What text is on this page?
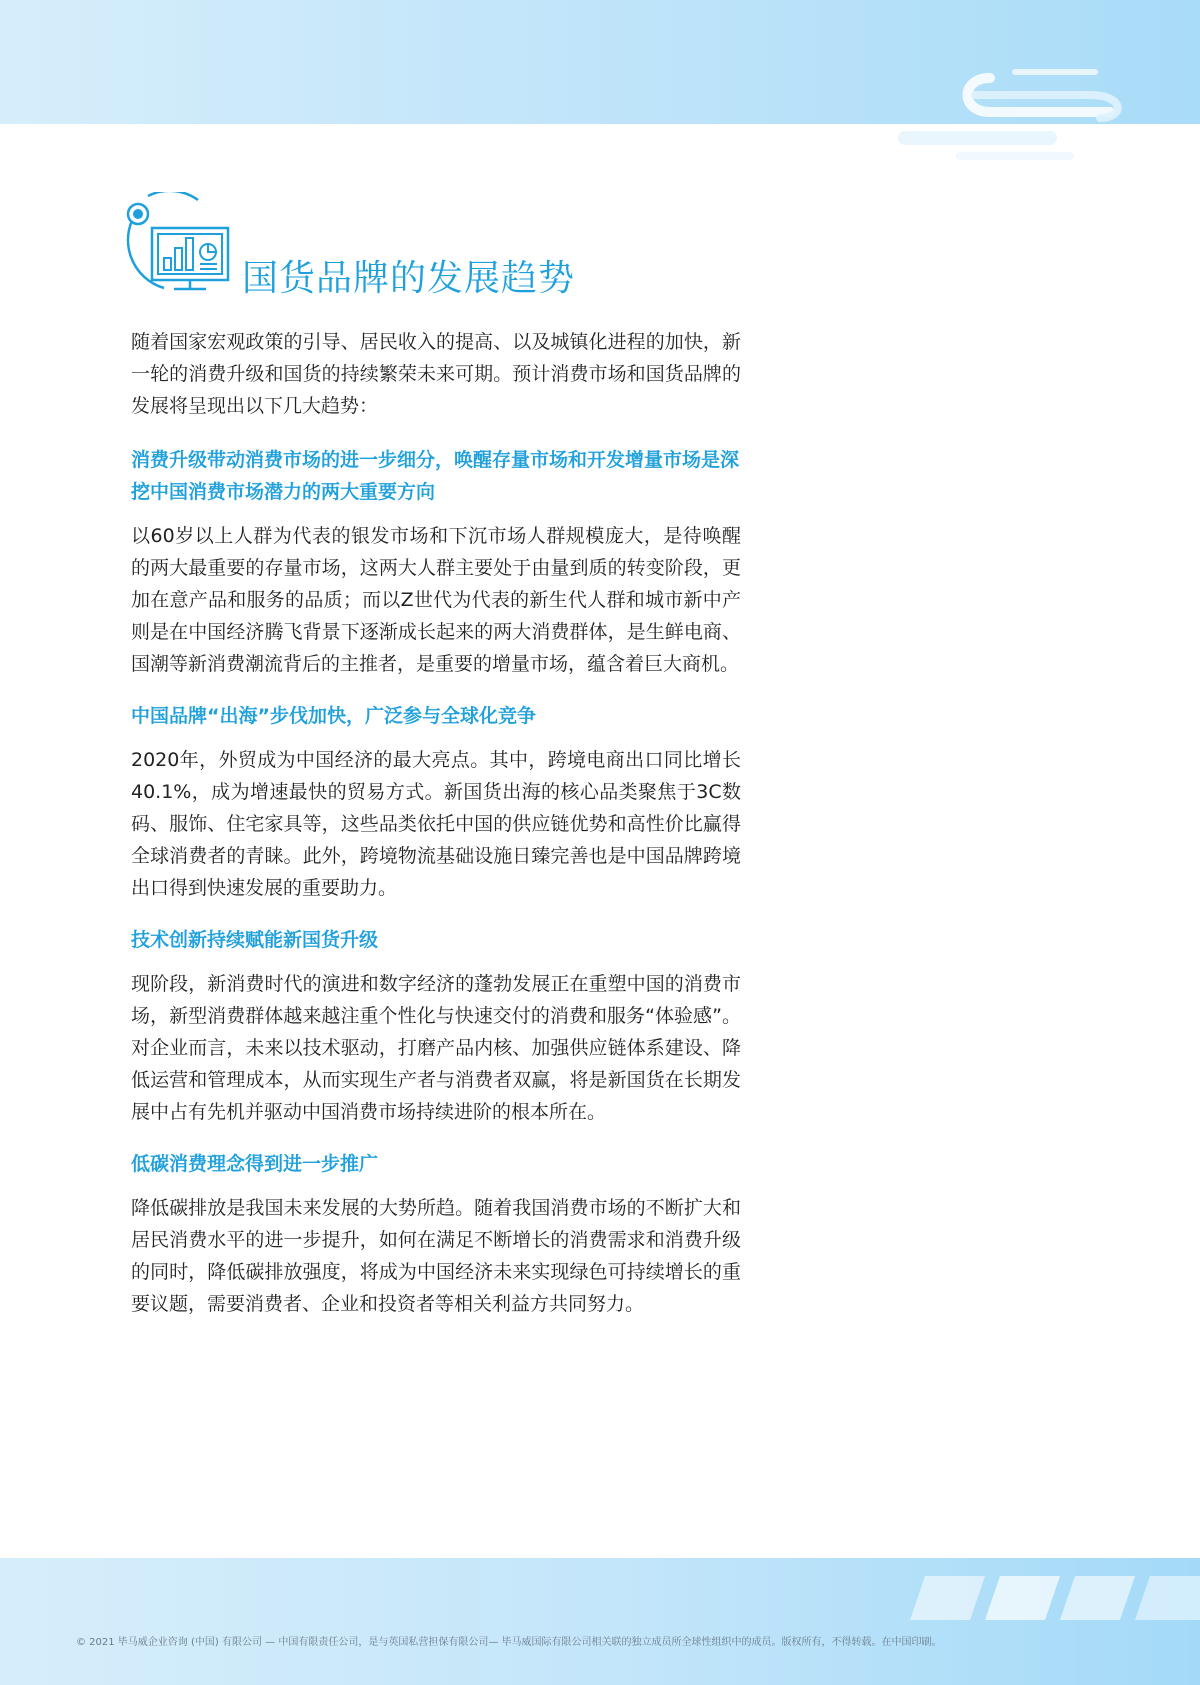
国货品牌的发展趋势

随着国家宏观政策的引导、居民收入的提高、以及城镇化进程的加快，新一轮的消费升级和国货的持续繁荣未来可期。预计消费市场和国货品牌的发展将呈现出以下几大趋势：

消费升级带动消费市场的进一步细分，唤醒存量市场和开发增量市场是深挖中国消费市场潜力的两大重要方向

以60岁以上人群为代表的银发市场和下沉市场人群规模庞大，是待唤醒的两大最重要的存量市场，这两大人群主要处于由量到质的转变阶段，更加在意产品和服务的品质；而以Z世代为代表的新生代人群和城市新中产则是在中国经济腾飞背景下逐渐成长起来的两大消费群体，是生鲜电商、国潮等新消费潮流背后的主推者，是重要的增量市场，蕴含着巨大商机。

中国品牌“出海”步伐加快，广泛参与全球化竞争

2020年，外贸成为中国经济的最大亮点。其中，跨境电商出口同比增长40.1%，成为增速最快的贸易方式。新国货出海的核心品类聚焦于3C数码、服饰、住宅家具等，这些品类依托中国的供应链优势和高性价比赢得全球消费者的青睐。此外，跨境物流基础设施日臻完善也是中国品牌跨境出口得到快速发展的重要助力。

技术创新持续赋能新国货升级

现阶段，新消费时代的演进和数字经济的蓬勃发展正在重塑中国的消费市场，新型消费群体越来越注重个性化与快速交付的消费和服务“体验感”。对企业而言，未来以技术驱动，打磨产品内核、加强供应链体系建设、降低运营和管理成本，从而实现生产者与消费者双赢，将是新国货在长期发展中占有先机并驱动中国消费市场持续进阶的根本所在。

低碳消费理念得到进一步推广

降低碳排放是我国未来发展的大势所趋。随着我国消费市场的不断扩大和居民消费水平的进一步提升，如何在满足不断增长的消费需求和消费升级的同时，降低碳排放强度，将成为中国经济未来实现绿色可持续增长的重要议题，需要消费者、企业和投资者等相关利益方共同努力。

© 2021 毕马威企业咨询 (中国) 有限公司 — 中国有限责任公司，是与英国私营担保有限公司— 毕马威国际有限公司相关联的独立成员所全球性组织中的成员。版权所有，不得转载。在中国印刷。
